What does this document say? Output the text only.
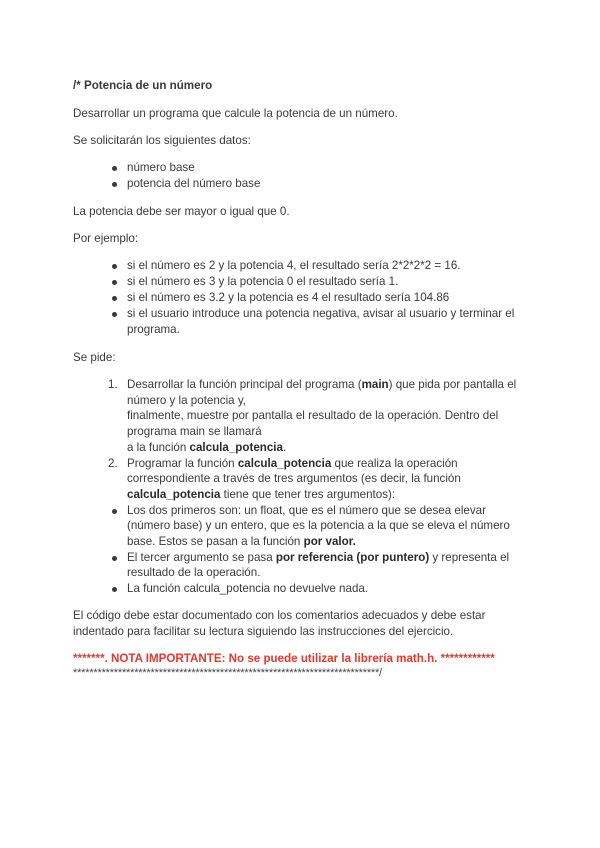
/* Potencia de un número

Desarrollar un programa que calcule la potencia de un número.

Se solicitarán los siguientes datos:

número base
potencia del número base

La potencia debe ser mayor o igual que 0.

Por ejemplo:

si el número es 2 y la potencia 4, el resultado sería 2*2*2*2 = 16.
si el número es 3 y la potencia 0 el resultado sería 1.
si el número es 3.2 y la potencia es 4 el resultado sería 104.86
si el usuario introduce una potencia negativa, avisar al usuario y terminar el programa.

Se pide:

1. Desarrollar la función principal del programa (main) que pida por pantalla el número y la potencia y,
finalmente, muestre por pantalla el resultado de la operación. Dentro del programa main se llamará
a la función calcula_potencia.
2. Programar la función calcula_potencia que realiza la operación correspondiente a través de tres argumentos (es decir, la función calcula_potencia tiene que tener tres argumentos):
Los dos primeros son: un float, que es el número que se desea elevar (número base) y un entero, que es la potencia a la que se eleva el número base. Estos se pasan a la función por valor.
El tercer argumento se pasa por referencia (por puntero) y representa el resultado de la operación.
La función calcula_potencia no devuelve nada.

El código debe estar documentado con los comentarios adecuados y debe estar indentado para facilitar su lectura siguiendo las instrucciones del ejercicio.

*******. NOTA IMPORTANTE: No se puede utilizar la librería math.h. ************

***************************************************************************/
